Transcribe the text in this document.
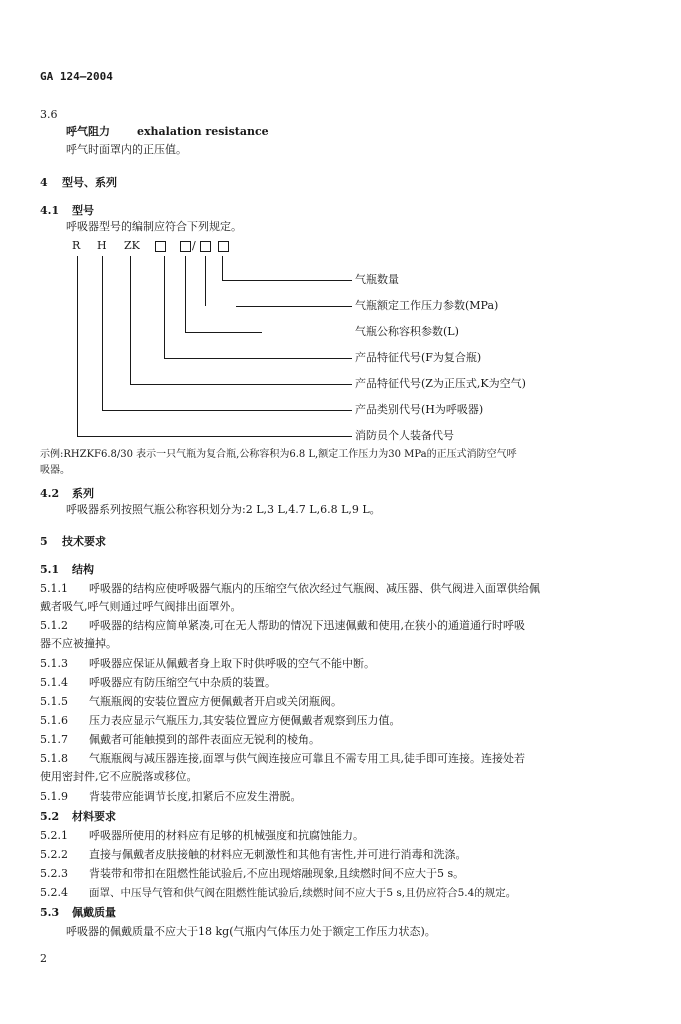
GA 124—2004
3.6
呼气阻力 exhalation resistance
呼气时面罩内的正压值。
4 型号、系列
4.1 型号
呼吸器型号的编制应符合下列规定。
R H ZK	/
气瓶数量
气瓶额定工作压力参数(MPa)
气瓶公称容积参数(L)
产品特征代号(F为复合瓶)
产品特征代号(Z为正压式,K为空气)
产品类别代号(H为呼吸器)
消防员个人装备代号
示例:RHZKF6.8/30 表示一只气瓶为复合瓶,公称容积为6.8 L,额定工作压力为30 MPa的正压式消防空气呼
吸器。
4.2 系列
呼吸器系列按照气瓶公称容积划分为:2 L,3 L,4.7 L,6.8 L,9 L。
5 技术要求
5.1 结构
5.1.1 呼吸器的结构应使呼吸器气瓶内的压缩空气依次经过气瓶阀、减压器、供气阀进入面罩供给佩
戴者吸气,呼气则通过呼气阀排出面罩外。
5.1.2 呼吸器的结构应简单紧凑,可在无人帮助的情况下迅速佩戴和使用,在狭小的通道通行时呼吸
器不应被撞掉。
5.1.3 呼吸器应保证从佩戴者身上取下时供呼吸的空气不能中断。
5.1.4 呼吸器应有防压缩空气中杂质的装置。
5.1.5 气瓶瓶阀的安装位置应方便佩戴者开启或关闭瓶阀。
5.1.6 压力表应显示气瓶压力,其安装位置应方便佩戴者观察到压力值。
5.1.7 佩戴者可能触摸到的部件表面应无锐利的棱角。
5.1.8 气瓶瓶阀与减压器连接,面罩与供气阀连接应可靠且不需专用工具,徒手即可连接。连接处若
使用密封件,它不应脱落或移位。
5.1.9 背装带应能调节长度,扣紧后不应发生滑脱。
5.2 材料要求
5.2.1 呼吸器所使用的材料应有足够的机械强度和抗腐蚀能力。
5.2.2 直接与佩戴者皮肤接触的材料应无刺激性和其他有害性,并可进行消毒和洗涤。
5.2.3 背装带和带扣在阻燃性能试验后,不应出现熔融现象,且续燃时间不应大于5 s。
5.2.4 面罩、中压导气管和供气阀在阻燃性能试验后,续燃时间不应大于5 s,且仍应符合5.4的规定。
5.3 佩戴质量
呼吸器的佩戴质量不应大于18 kg(气瓶内气体压力处于额定工作压力状态)。
2
